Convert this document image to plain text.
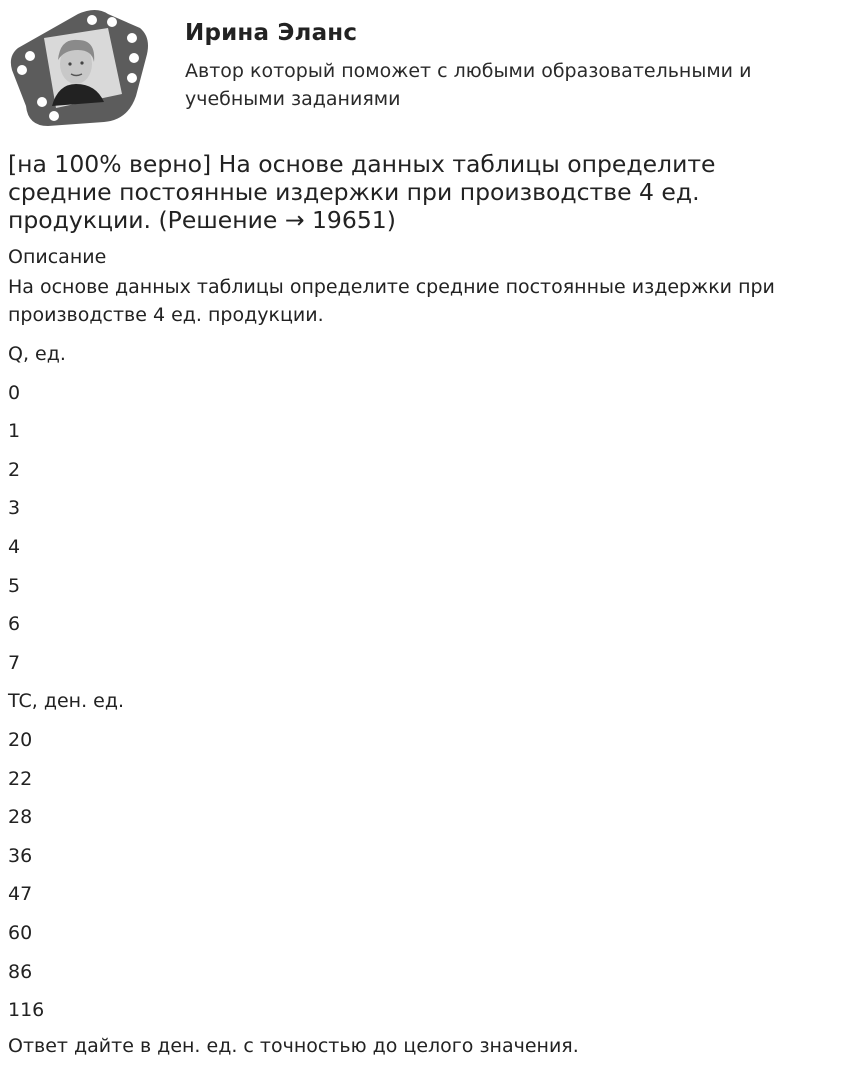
Ирина Эланс
Автор который поможет с любыми образовательными и учебными заданиями
[на 100% верно] На основе данных таблицы определите средние постоянные издержки при производстве 4 ед. продукции. (Решение → 19651)
Описание
На основе данных таблицы определите средние постоянные издержки при производстве 4 ед. продукции.
Q, ед.
0
1
2
3
4
5
6
7
TC, ден. ед.
20
22
28
36
47
60
86
116
Ответ дайте в ден. ед. с точностью до целого значения.
